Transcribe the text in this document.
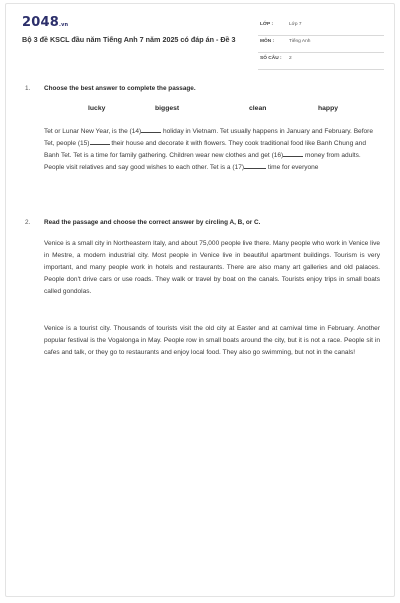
2048.vn
Bộ 3 đề KSCL đầu năm Tiếng Anh 7 năm 2025 có đáp án - Đề 3
LỚP :	Lớp 7
MÔN :	Tiếng Anh
SỐ CÂU : 2
1. Choose the best answer to complete the passage.
lucky	biggest	clean	happy
Tet or Lunar New Year, is the (14)	holiday in Vietnam. Tet usually happens in January and February. Before Tet, people (15)	their house and decorate it with flowers. They cook traditional food like Banh Chung and Banh Tet. Tet is a time for family gathering. Children wear new clothes and get (16)	money from adults. People visit relatives and say good wishes to each other. Tet is a (17)	time for everyone
2. Read the passage and choose the correct answer by circling A, B, or C.
Venice is a small city in Northeastern Italy, and about 75,000 people live there. Many people who work in Venice live in Mestre, a modern industrial city. Most people in Venice live in beautiful apartment buildings. Tourism is very important, and many people work in hotels and restaurants. There are also many art galleries and old palaces. People don't drive cars or use roads. They walk or travel by boat on the canals. Tourists enjoy trips in small boats called gondolas.
Venice is a tourist city. Thousands of tourists visit the old city at Easter and at carnival time in February. Another popular festival is the Vogalonga in May. People row in small boats around the city, but it is not a race. People sit in cafes and talk, or they go to restaurants and enjoy local food. They also go swimming, but not in the canals!
